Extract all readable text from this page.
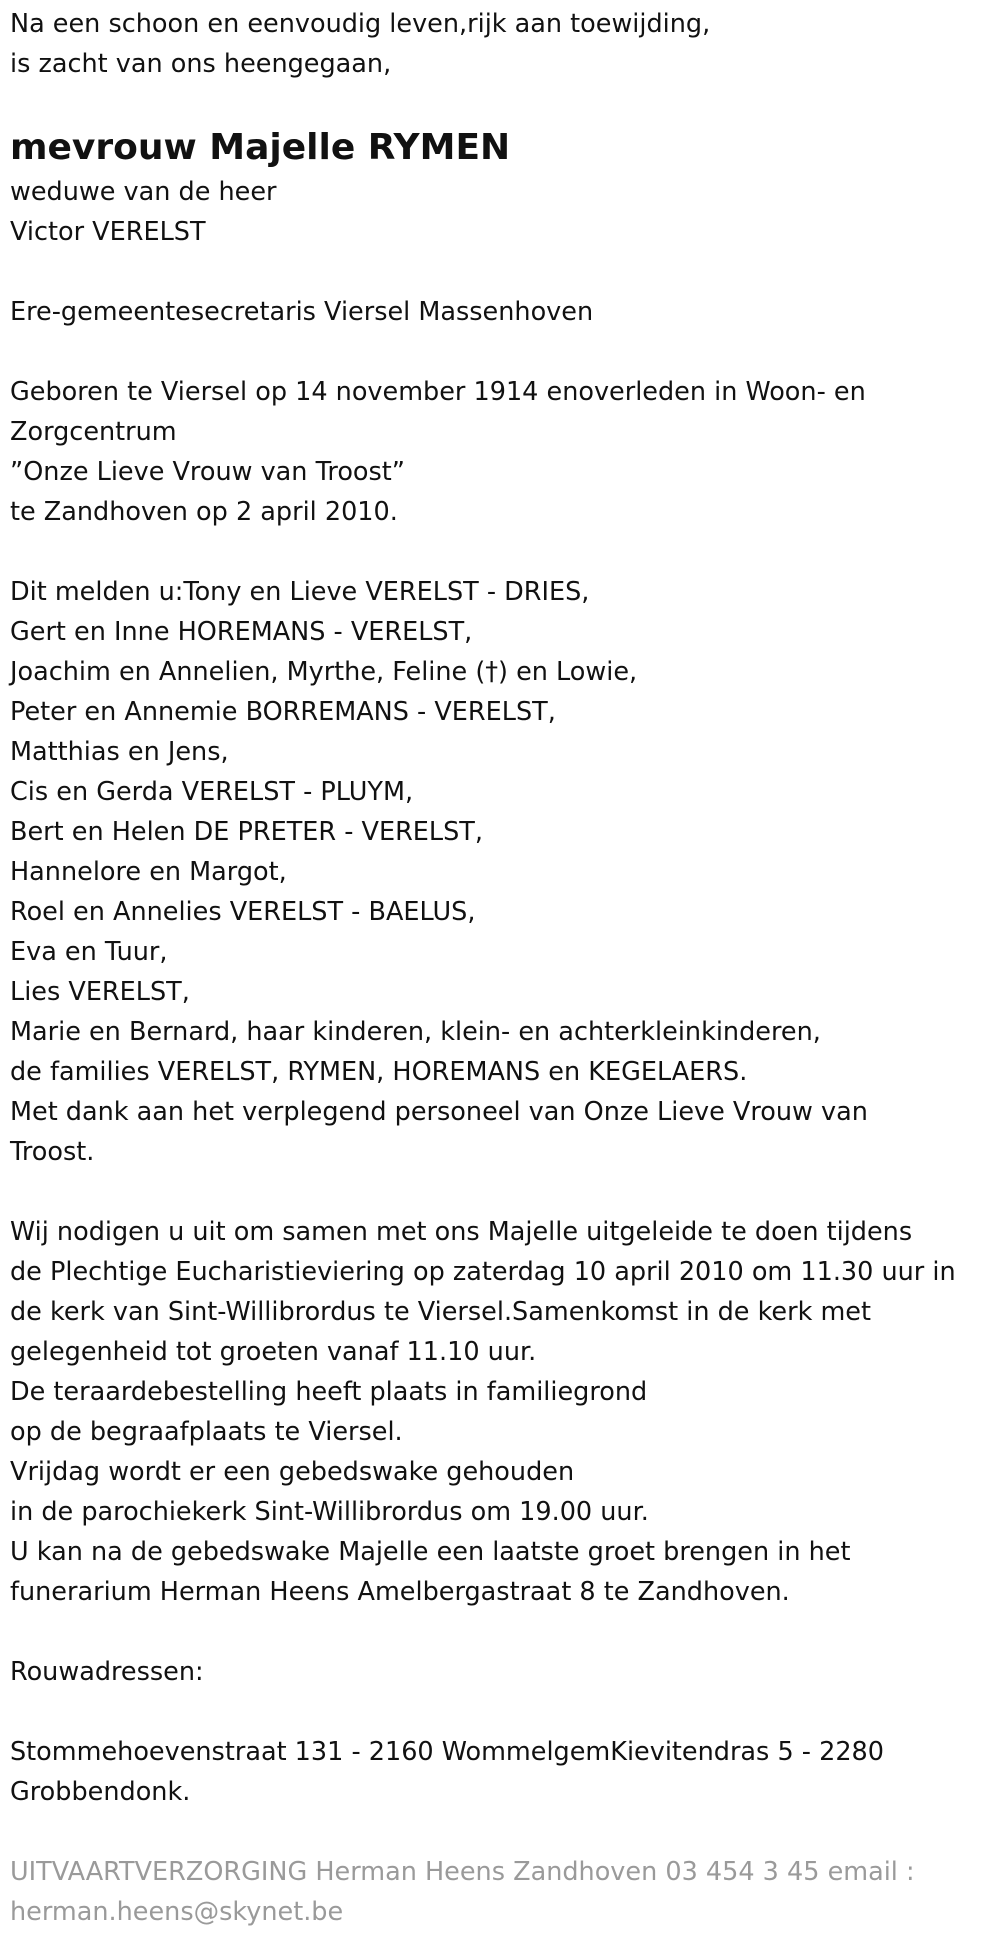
Na een schoon en eenvoudig leven,rijk aan toewijding,

is zacht van ons heengegaan,

mevrouw Majelle RYMEN

weduwe van de heer

Victor VERELST

Ere-gemeentesecretaris Viersel Massenhoven

Geboren te Viersel op 14 november 1914 enoverleden in Woon- en

Zorgcentrum

”Onze Lieve Vrouw van Troost”

te Zandhoven op 2 april 2010.

Dit melden u:Tony en Lieve VERELST - DRIES,

Gert en Inne HOREMANS - VERELST,

Joachim en Annelien, Myrthe, Feline (†) en Lowie,

Peter en Annemie BORREMANS - VERELST,

Matthias en Jens,

Cis en Gerda VERELST - PLUYM,

Bert en Helen DE PRETER - VERELST,

Hannelore en Margot,

Roel en Annelies VERELST - BAELUS,

Eva en Tuur,

Lies VERELST,

Marie en Bernard, haar kinderen, klein- en achterkleinkinderen,

de families VERELST, RYMEN, HOREMANS en KEGELAERS.

Met dank aan het verplegend personeel van Onze Lieve Vrouw van

Troost.

Wij nodigen u uit om samen met ons Majelle uitgeleide te doen tijdens

de Plechtige Eucharistieviering op zaterdag 10 april 2010 om 11.30 uur in

de kerk van Sint-Willibrordus te Viersel.Samenkomst in de kerk met

gelegenheid tot groeten vanaf 11.10 uur.

De teraardebestelling heeft plaats in familiegrond

op de begraafplaats te Viersel.

Vrijdag wordt er een gebedswake gehouden

in de parochiekerk Sint-Willibrordus om 19.00 uur.

U kan na de gebedswake Majelle een laatste groet brengen in het

funerarium Herman Heens Amelbergastraat 8 te Zandhoven.

Rouwadressen:

Stommehoevenstraat 131 - 2160 WommelgemKievitendras 5 - 2280

Grobbendonk.

UITVAARTVERZORGING Herman Heens Zandhoven 03 454 3 45 email :

herman.heens@skynet.be
